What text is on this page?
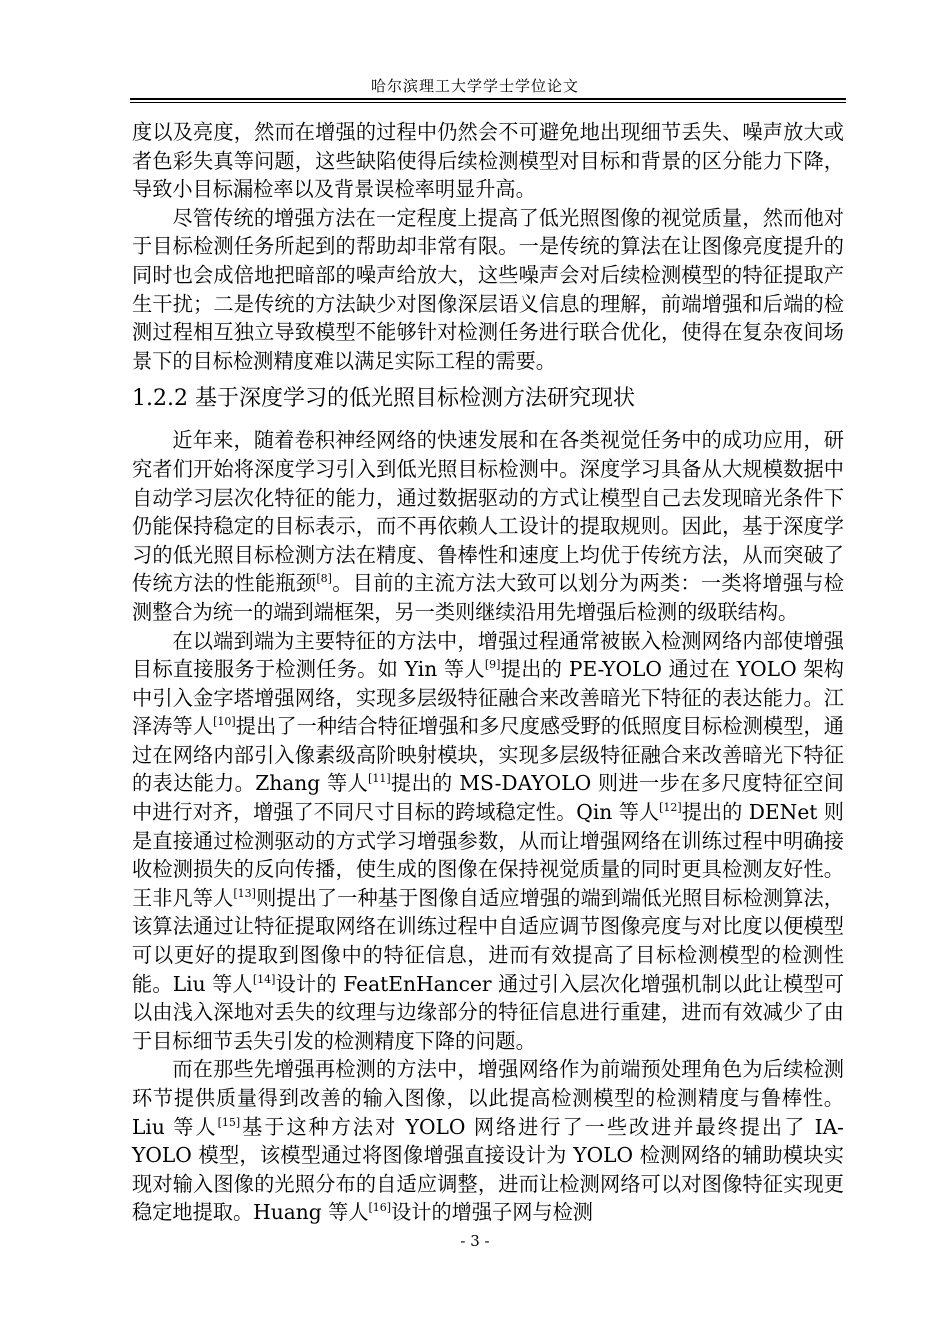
哈尔滨理工大学学士学位论文

度以及亮度，然而在增强的过程中仍然会不可避免地出现细节丢失、噪声放大或者色彩失真等问题，这些缺陷使得后续检测模型对目标和背景的区分能力下降，导致小目标漏检率以及背景误检率明显升高。

尽管传统的增强方法在一定程度上提高了低光照图像的视觉质量，然而他对于目标检测任务所起到的帮助却非常有限。一是传统的算法在让图像亮度提升的同时也会成倍地把暗部的噪声给放大，这些噪声会对后续检测模型的特征提取产生干扰；二是传统的方法缺少对图像深层语义信息的理解，前端增强和后端的检测过程相互独立导致模型不能够针对检测任务进行联合优化，使得在复杂夜间场景下的目标检测精度难以满足实际工程的需要。

1.2.2 基于深度学习的低光照目标检测方法研究现状

近年来，随着卷积神经网络的快速发展和在各类视觉任务中的成功应用，研究者们开始将深度学习引入到低光照目标检测中。深度学习具备从大规模数据中自动学习层次化特征的能力，通过数据驱动的方式让模型自己去发现暗光条件下仍能保持稳定的目标表示，而不再依赖人工设计的提取规则。因此，基于深度学习的低光照目标检测方法在精度、鲁棒性和速度上均优于传统方法，从而突破了传统方法的性能瓶颈[8]。目前的主流方法大致可以划分为两类：一类将增强与检测整合为统一的端到端框架，另一类则继续沿用先增强后检测的级联结构。

在以端到端为主要特征的方法中，增强过程通常被嵌入检测网络内部使增强目标直接服务于检测任务。如 Yin 等人[9]提出的 PE-YOLO 通过在 YOLO 架构中引入金字塔增强网络，实现多层级特征融合来改善暗光下特征的表达能力。江泽涛等人[10]提出了一种结合特征增强和多尺度感受野的低照度目标检测模型，通过在网络内部引入像素级高阶映射模块，实现多层级特征融合来改善暗光下特征的表达能力。Zhang 等人[11]提出的 MS-DAYOLO 则进一步在多尺度特征空间中进行对齐，增强了不同尺寸目标的跨域稳定性。Qin 等人[12]提出的 DENet 则是直接通过检测驱动的方式学习增强参数，从而让增强网络在训练过程中明确接收检测损失的反向传播，使生成的图像在保持视觉质量的同时更具检测友好性。王非凡等人[13]则提出了一种基于图像自适应增强的端到端低光照目标检测算法，该算法通过让特征提取网络在训练过程中自适应调节图像亮度与对比度以便模型可以更好的提取到图像中的特征信息，进而有效提高了目标检测模型的检测性能。Liu 等人[14]设计的 FeatEnHancer 通过引入层次化增强机制以此让模型可以由浅入深地对丢失的纹理与边缘部分的特征信息进行重建，进而有效减少了由于目标细节丢失引发的检测精度下降的问题。

而在那些先增强再检测的方法中，增强网络作为前端预处理角色为后续检测环节提供质量得到改善的输入图像，以此提高检测模型的检测精度与鲁棒性。Liu 等人[15]基于这种方法对 YOLO 网络进行了一些改进并最终提出了 IA-YOLO 模型，该模型通过将图像增强直接设计为 YOLO 检测网络的辅助模块实现对输入图像的光照分布的自适应调整，进而让检测网络可以对图像特征实现更稳定地提取。Huang 等人[16]设计的增强子网与检测

- 3 -
